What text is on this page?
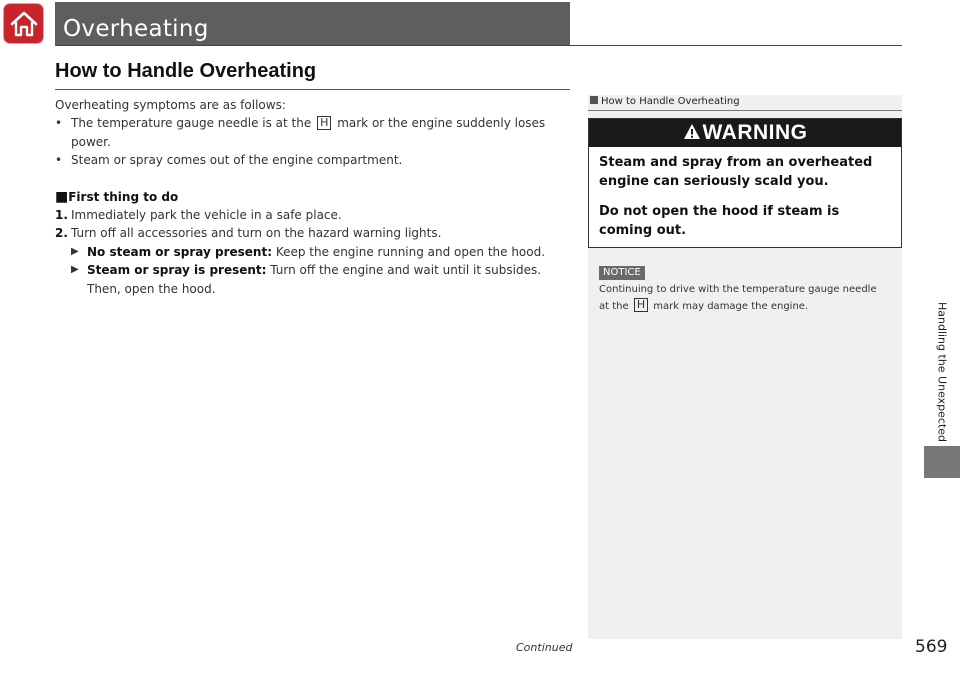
Overheating
How to Handle Overheating

Overheating symptoms are as follows:

• The temperature gauge needle is at the H mark or the engine suddenly loses power.
• Steam or spray comes out of the engine compartment.

■First thing to do

1. Immediately park the vehicle in a safe place.
2. Turn off all accessories and turn on the hazard warning lights.
▶ No steam or spray present: Keep the engine running and open the hood.
▶ Steam or spray is present: Turn off the engine and wait until it subsides. Then, open the hood.
How to Handle Overheating
WARNING

Steam and spray from an overheated engine can seriously scald you.

Do not open the hood if steam is coming out.

NOTICE
Continuing to drive with the temperature gauge needle at the H mark may damage the engine.	Handling the Unexpected
Continued	569
